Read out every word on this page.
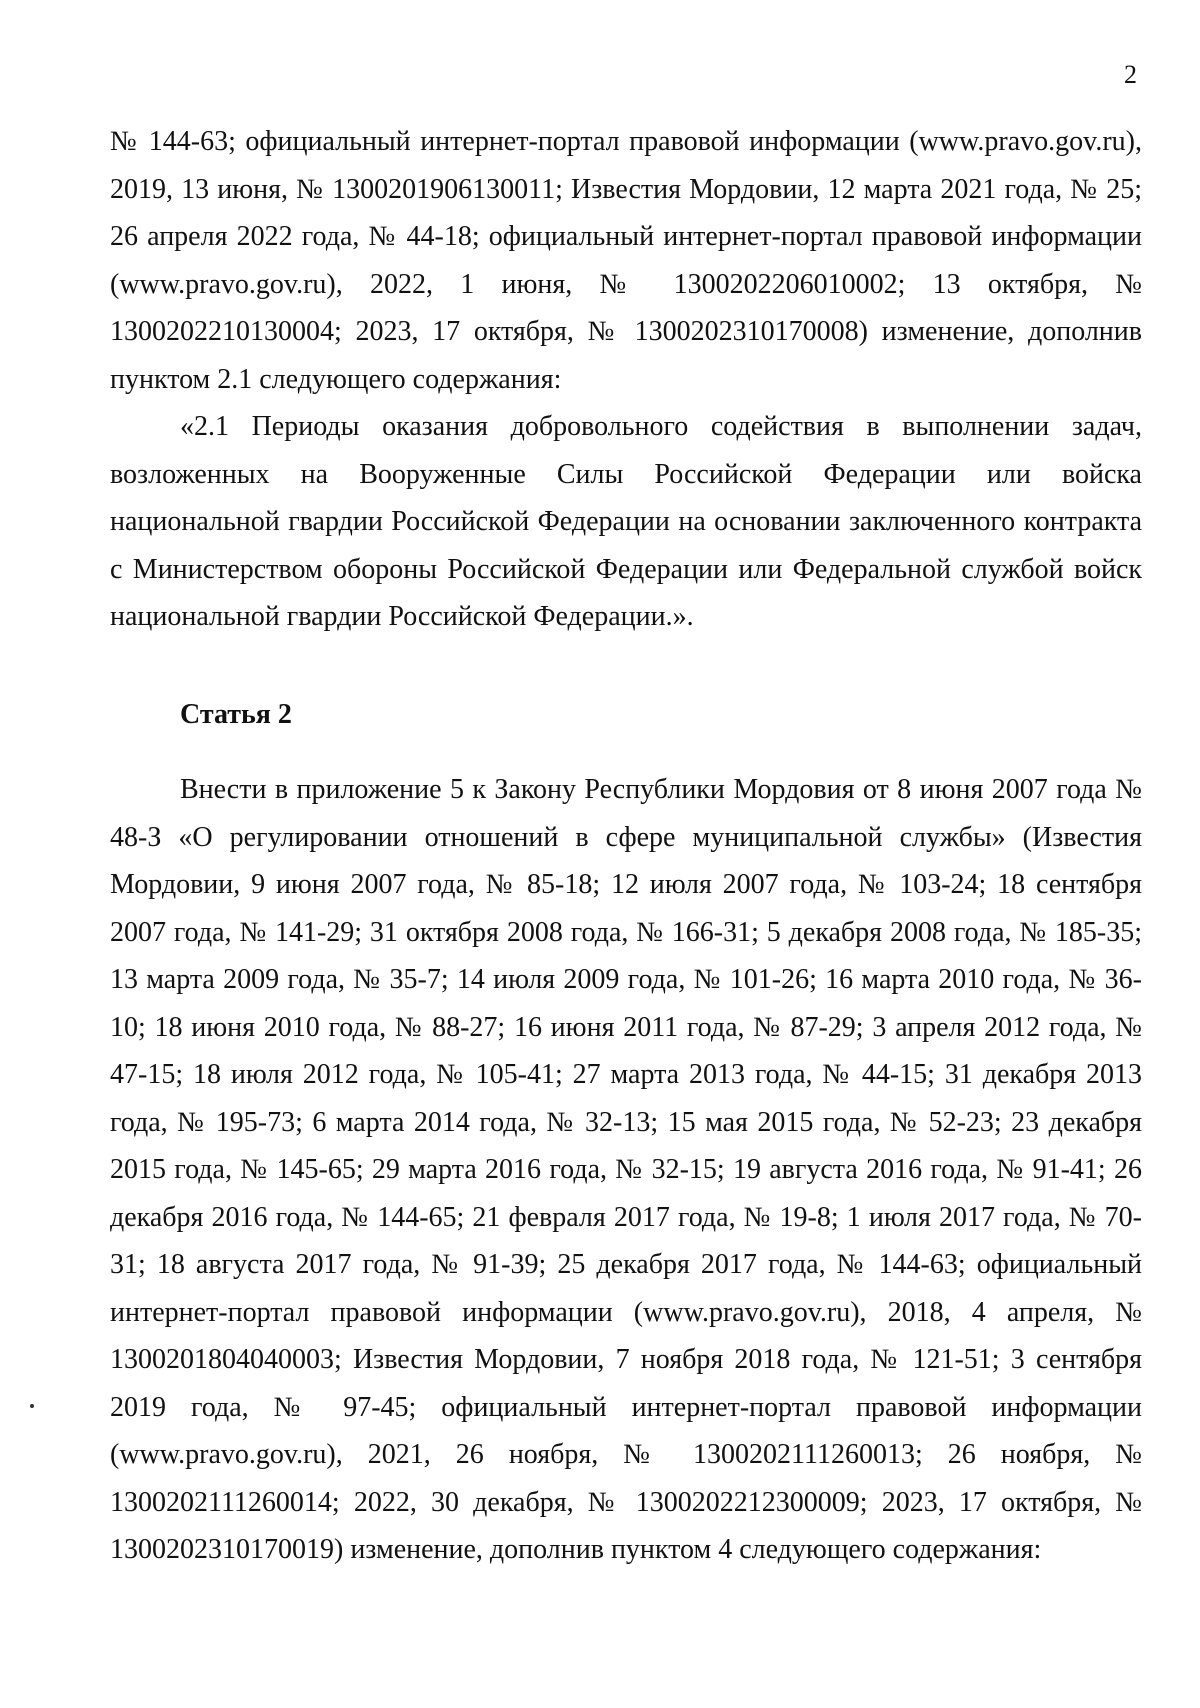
2

№ 144-63; официальный интернет-портал правовой информации (www.pravo.gov.ru), 2019, 13 июня, № 1300201906130011; Известия Мордовии, 12 марта 2021 года, № 25; 26 апреля 2022 года, № 44-18; официальный интернет-портал правовой информации (www.pravo.gov.ru), 2022, 1 июня, № 1300202206010002; 13 октября, № 1300202210130004; 2023, 17 октября, № 1300202310170008) изменение, дополнив пунктом 2.1 следующего содержания:

«2.1 Периоды оказания добровольного содействия в выполнении задач, возложенных на Вооруженные Силы Российской Федерации или войска национальной гвардии Российской Федерации на основании заключенного контракта с Министерством обороны Российской Федерации или Федеральной службой войск национальной гвардии Российской Федерации.».

Статья 2

Внести в приложение 5 к Закону Республики Мордовия от 8 июня 2007 года № 48-З «О регулировании отношений в сфере муниципальной службы» (Известия Мордовии, 9 июня 2007 года, № 85-18; 12 июля 2007 года, № 103-24; 18 сентября 2007 года, № 141-29; 31 октября 2008 года, № 166-31; 5 декабря 2008 года, № 185-35; 13 марта 2009 года, № 35-7; 14 июля 2009 года, № 101-26; 16 марта 2010 года, № 36-10; 18 июня 2010 года, № 88-27; 16 июня 2011 года, № 87-29; 3 апреля 2012 года, № 47-15; 18 июля 2012 года, № 105-41; 27 марта 2013 года, № 44-15; 31 декабря 2013 года, № 195-73; 6 марта 2014 года, № 32-13; 15 мая 2015 года, № 52-23; 23 декабря 2015 года, № 145-65; 29 марта 2016 года, № 32-15; 19 августа 2016 года, № 91-41; 26 декабря 2016 года, № 144-65; 21 февраля 2017 года, № 19-8; 1 июля 2017 года, № 70-31; 18 августа 2017 года, № 91-39; 25 декабря 2017 года, № 144-63; официальный интернет-портал правовой информации (www.pravo.gov.ru), 2018, 4 апреля, № 1300201804040003; Известия Мордовии, 7 ноября 2018 года, № 121-51; 3 сентября 2019 года, № 97-45; официальный интернет-портал правовой информации (www.pravo.gov.ru), 2021, 26 ноября, № 1300202111260013; 26 ноября, № 1300202111260014; 2022, 30 декабря, № 1300202212300009; 2023, 17 октября, № 1300202310170019) изменение, дополнив пунктом 4 следующего содержания:
